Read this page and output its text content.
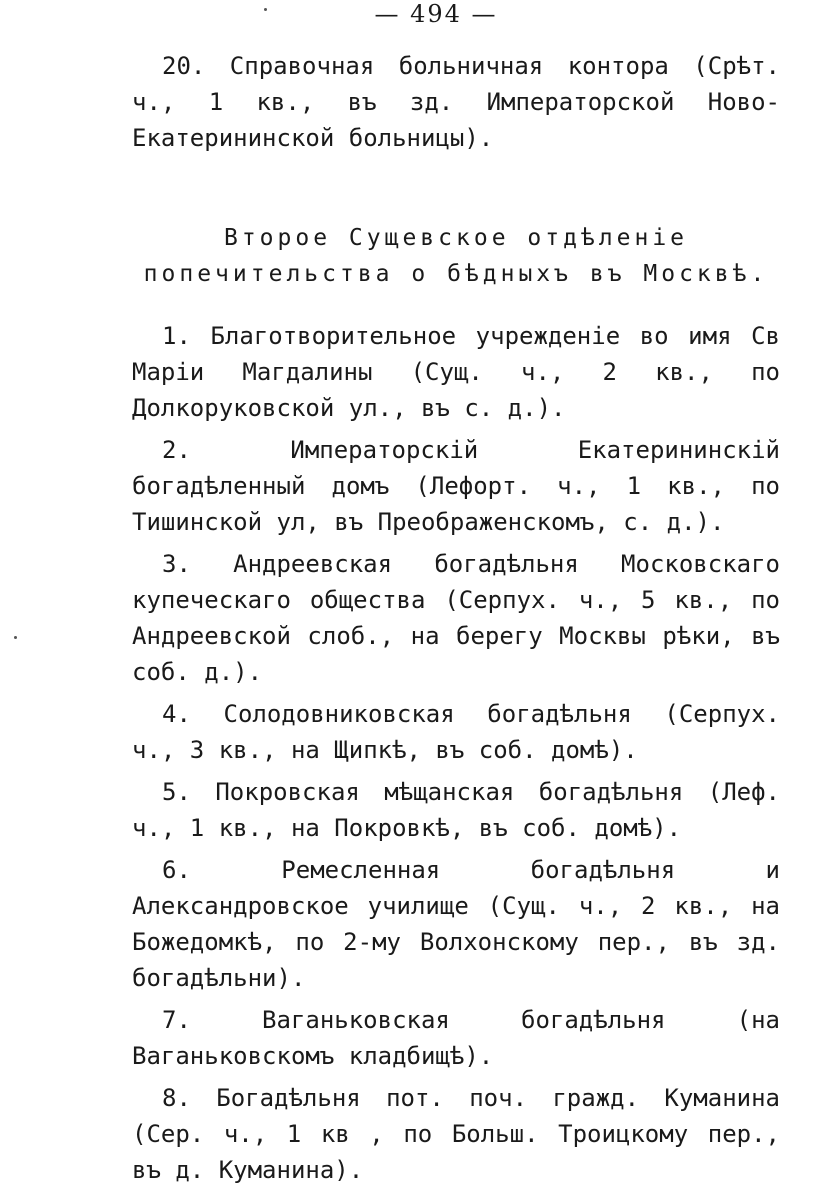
— 494 —

20. Справочная больничная контора (Срѣт. ч., 1 кв., въ зд. Императорской Ново-Екатерининской больницы).

Второе Сущевское отдѣленіе попечительства о бѣдныхъ въ Москвѣ.

1. Благотворительное учрежденіе во имя Св Маріи Магдалины (Сущ. ч., 2 кв., по Долкоруковской ул., въ с. д.).

2. Императорскій Екатерининскій богадѣленный домъ (Лефорт. ч., 1 кв., по Тишинской ул, въ Преображенскомъ, с. д.).

3. Андреевская богадѣльня Московскаго купеческаго общества (Серпух. ч., 5 кв., по Андреевской слоб., на берегу Москвы рѣки, въ соб. д.).

4. Солодовниковская богадѣльня (Серпух. ч., 3 кв., на Щипкѣ, въ соб. домѣ).

5. Покровская мѣщанская богадѣльня (Леф. ч., 1 кв., на Покровкѣ, въ соб. домѣ).

6. Ремесленная богадѣльня и Александровское училище (Сущ. ч., 2 кв., на Божедомкѣ, по 2-му Волхонскому пер., въ зд. богадѣльни).

7. Ваганьковская богадѣльня (на Ваганьковскомъ кладбищѣ).

8. Богадѣльня пот. поч. гражд. Куманина (Сер. ч., 1 кв , по Больш. Троицкому пер., въ д. Куманина).
